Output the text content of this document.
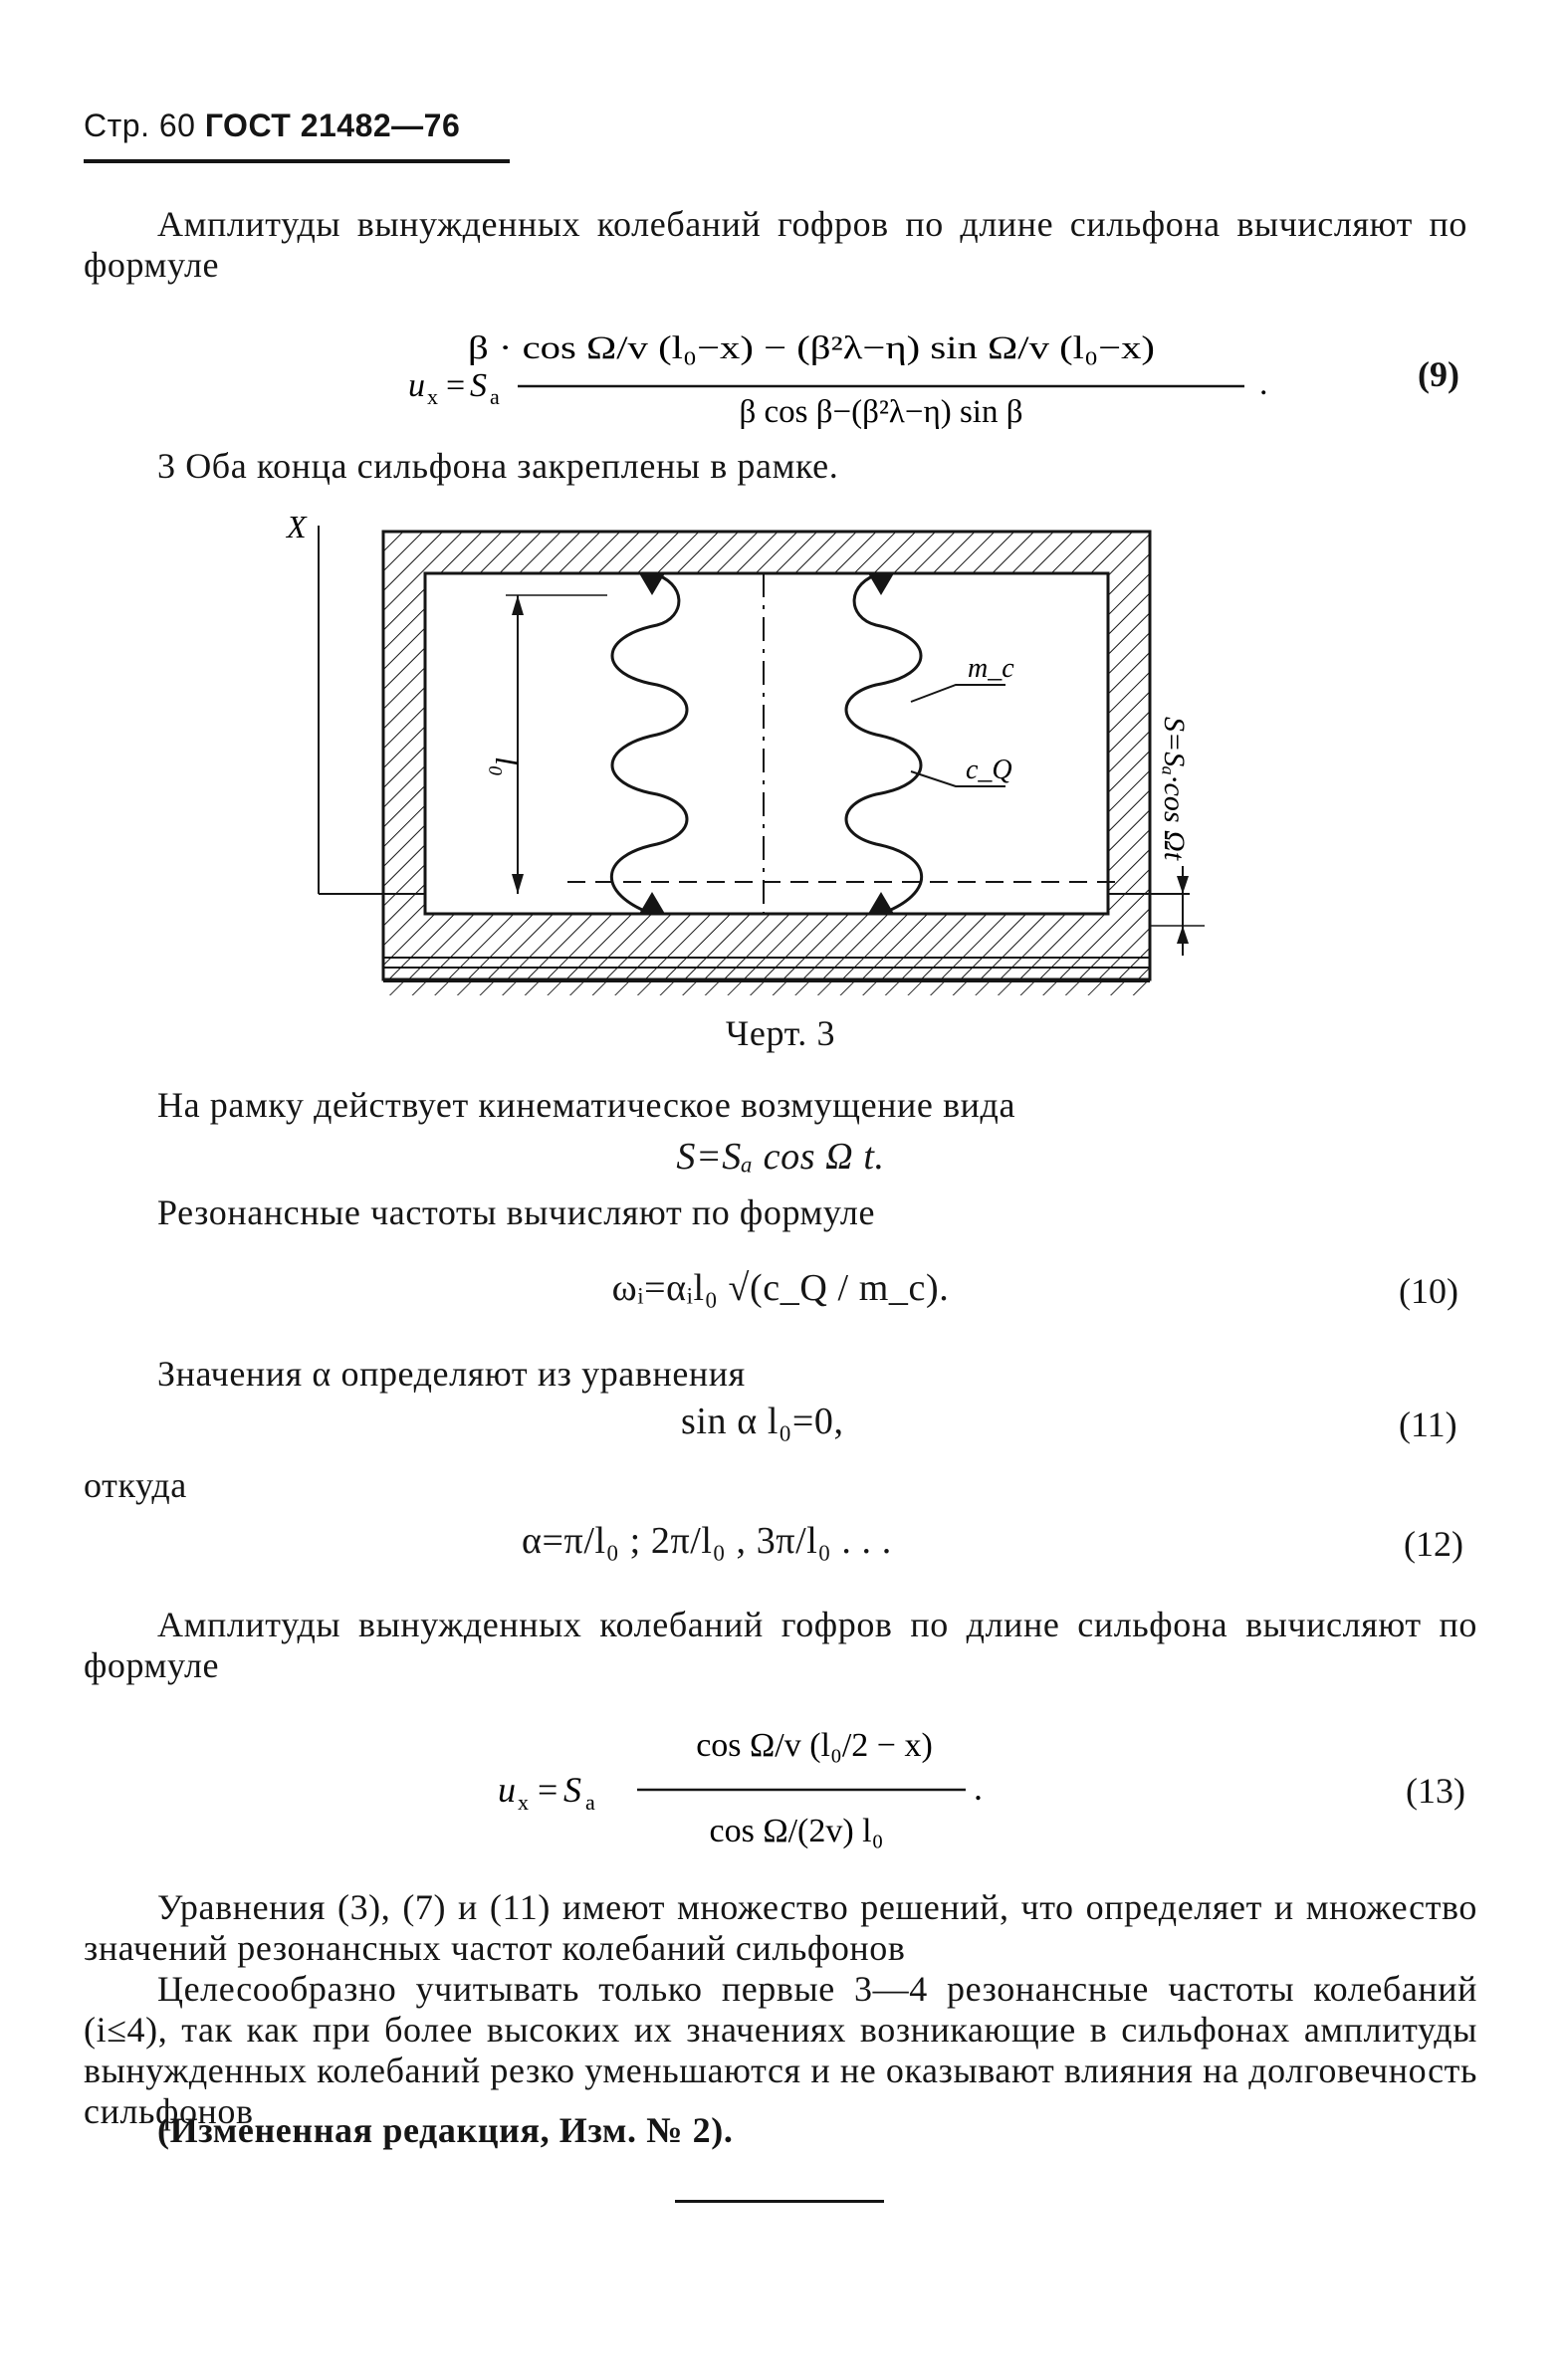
Стр. 60 ГОСТ 21482—76
Амплитуды вынужденных колебаний гофров по длине сильфона вычисляют по формуле
u x = S a
β · cos Ω/v (l₀−x) − (β²λ−η) sin Ω/v (l₀−x)
β cos β−(β²λ−η) sin β
.	(9)
3 Оба конца сильфона закреплены в рамке.
X
l₀
m_c
c_Q	S=Sₐ·cos Ωt
Черт. 3
На рамку действует кинематическое возмущение вида
S=Sₐ cos Ω t.
Резонансные частоты вычисляют по формуле
ωᵢ=αᵢl₀ √(c_Q / m_c).	(10)
Значения α определяют из уравнения
sin α l₀=0,	(11)
откуда
α=π/l₀ ; 2π/l₀ , 3π/l₀ . . .	(12)
Амплитуды вынужденных колебаний гофров по длине сильфона вычисляют по формуле
u x = S a
cos Ω/v (l₀/2 − x)
cos Ω/(2v) l₀
.	(13)
Уравнения (3), (7) и (11) имеют множество решений, что определяет и множество значений резонансных частот колебаний сильфонов
Целесообразно учитывать только первые 3—4 резонансные частоты колебаний (i≤4), так как при более высоких их значениях возникающие в сильфонах амплитуды вынужденных колебаний резко уменьшаются и не оказывают влияния на долговечность сильфонов
(Измененная редакция, Изм. № 2).
